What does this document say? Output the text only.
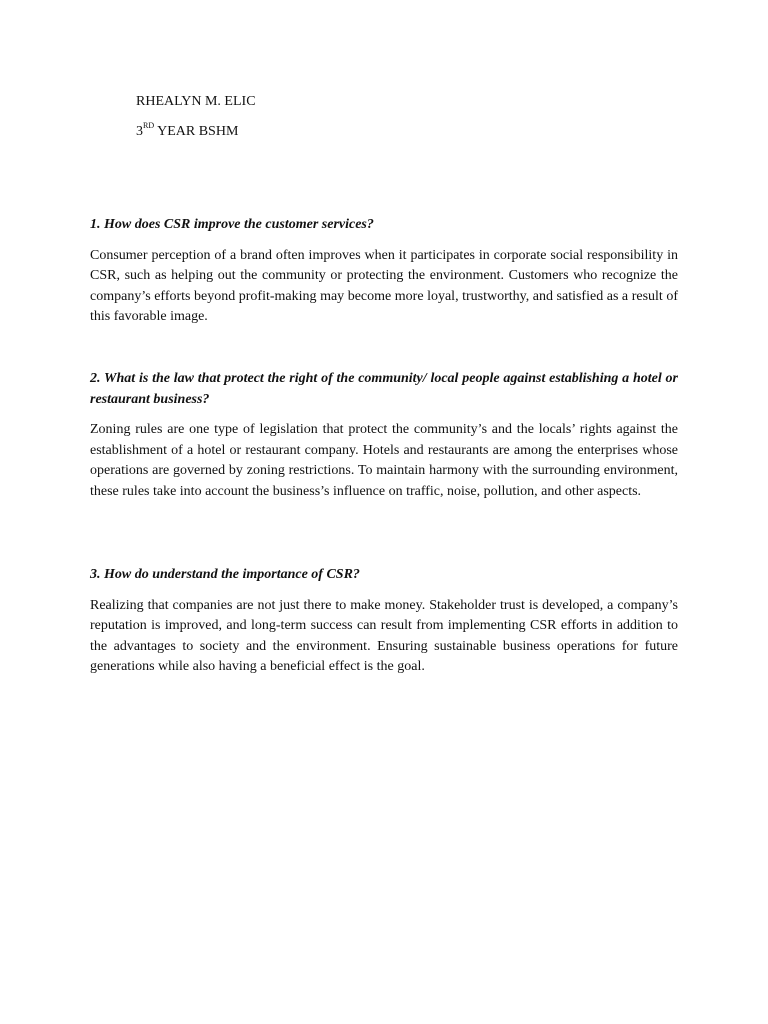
RHEALYN M. ELIC
3RD YEAR BSHM

1. How does CSR improve the customer services?

Consumer perception of a brand often improves when it participates in corporate social responsibility in CSR, such as helping out the community or protecting the environment. Customers who recognize the company’s efforts beyond profit-making may become more loyal, trustworthy, and satisfied as a result of this favorable image.

2. What is the law that protect the right of the community/ local people against establishing a hotel or restaurant business?

Zoning rules are one type of legislation that protect the community’s and the locals’ rights against the establishment of a hotel or restaurant company. Hotels and restaurants are among the enterprises whose operations are governed by zoning restrictions. To maintain harmony with the surrounding environment, these rules take into account the business’s influence on traffic, noise, pollution, and other aspects.

3. How do understand the importance of CSR?

Realizing that companies are not just there to make money. Stakeholder trust is developed, a company’s reputation is improved, and long-term success can result from implementing CSR efforts in addition to the advantages to society and the environment. Ensuring sustainable business operations for future generations while also having a beneficial effect is the goal.
